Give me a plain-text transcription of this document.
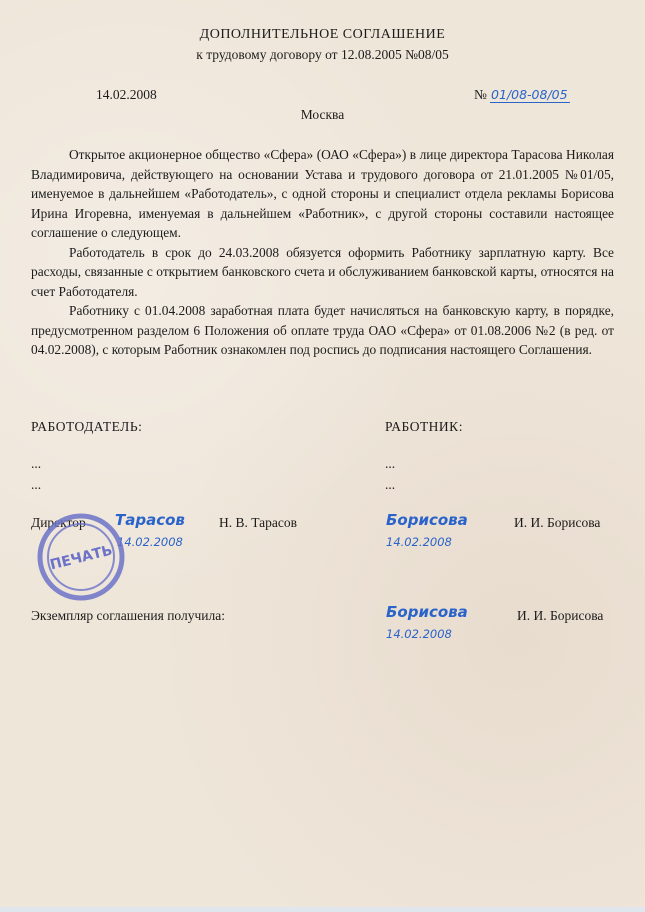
ДОПОЛНИТЕЛЬНОЕ СОГЛАШЕНИЕ
к трудовому договору от 12.08.2005 №08/05
14.02.2008	№ 01/08-08/05
Москва

Открытое акционерное общество «Сфера» (ОАО «Сфера») в лице директора Тарасова Николая Владимировича, действующего на основании Устава и трудового договора от 21.01.2005 №01/05, именуемое в дальнейшем «Работодатель», с одной стороны и специалист отдела рекламы Борисова Ирина Игоревна, именуемая в дальнейшем «Работник», с другой стороны составили настоящее соглашение о следующем.

Работодатель в срок до 24.03.2008 обязуется оформить Работнику зарплатную карту. Все расходы, связанные с открытием банковского счета и обслуживанием банковской карты, относятся на счет Работодателя.

Работнику с 01.04.2008 заработная плата будет начисляться на банковскую карту, в порядке, предусмотренном разделом 6 Положения об оплате труда ОАО «Сфера» от 01.08.2006 №2 (в ред. от 04.02.2008), с которым Работник ознакомлен под роспись до подписания настоящего Соглашения.

РАБОТОДАТЕЛЬ:
...
...
Директор Тарасов
14.02.2008
Н. В. Тарасов
ПЕЧАТЬ
РАБОТНИК:
...
...
Борисова
14.02.2008
И. И. Борисова
Экземпляр соглашения получила:	Борисова
14.02.2008
И. И. Борисова
